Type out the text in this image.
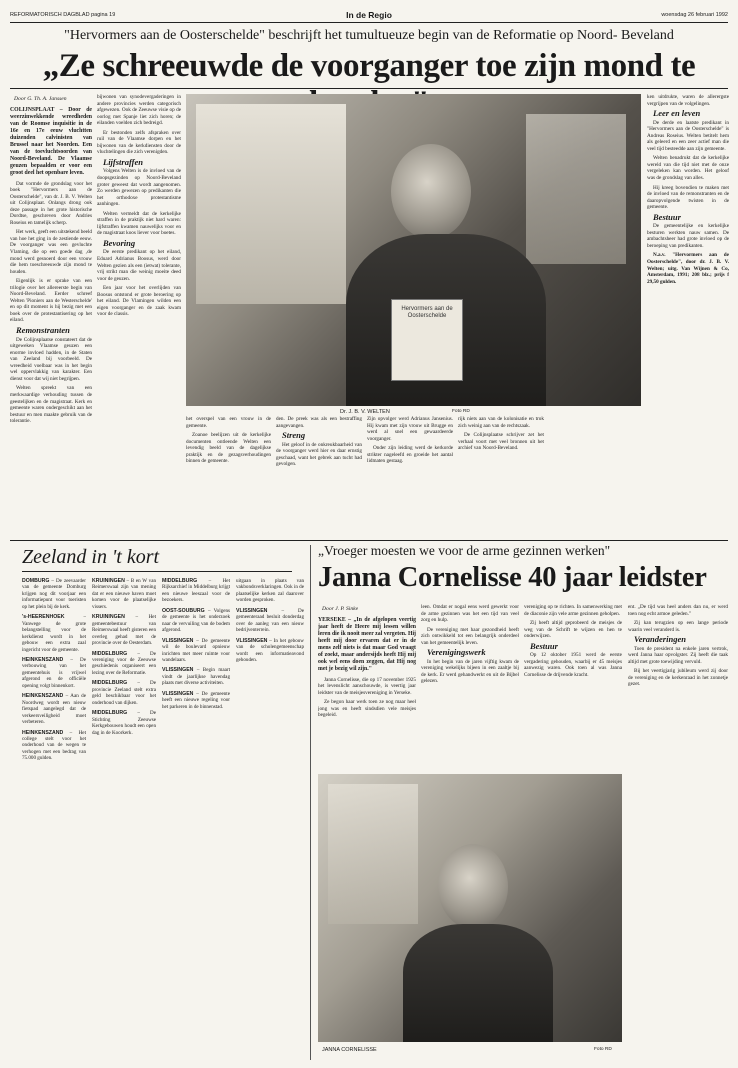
REFORMATORISCH DAGBLAD pagina 19	In de Regio	woensdag 26 februari 1992
"Hervormers aan de Oosterschelde" beschrijft het tumultueuze begin van de Reformatie op Noord- Beveland
„Ze schreeuwde de voorganger toe zijn mond te
Door G. Th. A. Janssen
COLIJNSPLAAT – Door de weerzinwekkende wreedheden van de Roomse inquisitie in de 16e en 17e eeuw vluchtten duizenden calvinisten van Brussel naar het Noorden. Een van de toevluchtsoorden van Noord-Beveland. De Vlaamse geuzen bepaalden er voor een groot deel het openbare leven.

Dat vormde de grondslag voor het boek "Hervormers aan de Oosterschelde", van dr. J. B. V. Welten uit Colijnsplaat. Onlangs drong ook deze passage in het grote historische Dordtse, geschreven door Andries Roseius en tamelijk scherp.

Het werk, geeft een uitstekend beeld van hoe het ging in de zestiende eeuw. De voorganger was een gevluchte Vlaming, die op een goede dag ‚de mond werd gesnoerd door een vrouw die hem toeschreeuwde zijn mond te houden.

Eigenlijk is er sprake van een trilogie over het allereerste begin van Noord-Beveland. Eerder schreef Welten 'Pioniers aan de Westerschelde' en op dit moment is hij bezig met een boek over de protestantisering op het eiland.

Remonstranten

De Colijnsplaatse constateert dat de uitgeweken Vlaamse geuzen een enorme invloed hadden, in de Staten van Zeeland bij voorbeeld. De wreedheid voelbaar was in het begin wel oppervlakkig van karakter. Een dienst voor dat wij niet begrijpen.

Welten spreekt van een merkwaardige verhouding tussen de geestelijken en de magistraat. Kerk en gemeente waren ondergeschikt aan het bestuur en men maakte gebruik van de tolerantie.

bijwonen van synodevergaderingen in andere provincies werden categorisch afgewezen. Ook de Zeeuwse visie op de oorlog met Spanje liet zich horen; de eilanden voelden zich bedreigd.

Er bestonden zelfs afspraken over ruil van de Vlaamse dorpen en het bijwonen van de kerkdiensten door de vluchtelingen die zich verenigden.

Lijfstraffen

Volgens Welten is de invloed van de doopsgezinden op Noord-Beveland groter geweest dat wordt aangenomen. Zo werden gewezen op predikanten die het orthodoxe protestantisme aanhingen.

Welten vermeldt dat de kerkelijke straffen in de praktijk niet hard waren: lijfstraffen kwamen nauwelijks voor en de magistraat koos liever voor boetes.

Bevoring

De eerste predikant op het eiland, Eduard Adrianus Boosus, werd door Welten gezien als een (ietwat) tolerante, vrij strikt man die weinig moeite deed voor de geuzen.

Een jaar voor het overlijden van Boosus ontstond er grote beroering op het eiland. De Vlamingen wilden een eigen voorganger en de zaak kwam voor de classis.

Hervormers aan de Oosterschelde
Dr. J. B. V. WELTEN	Foto RD

het overspel van een vrouw in de gemeente.

Zoanoe beelijzen uit de kerkelijke documenten ontleende Welten een levendig beeld van de dagelijkse praktijk en de gezagsverhoudingen binnen de gemeente.

den. De preek was als een bestraffing aangevangen.

Streng

Het geloof in de onkreukbaarheid van de voorganger werd hier en daar ernstig geschaad, want het gebrek aan tucht had gevolgen.

Zijn opvolger werd Adrianus Jansenius. Hij kwam met zijn vrouw uit Brugge en werd al snel een gewaardeerde voorganger.

Onder zijn leiding werd de kerkorde strikter nageleefd en groeide het aantal lidmaten gestaag.

rijk niets aan van de kolonisatie en trok zich weinig aan van de rechtszaak.

De Colijnsplaatse schrijver zet het verhaal voort met veel bronnen uit het archief van Noord-Beveland.

ken uitdrukte, waren de allerergste vergrijpen van de volgelingen.

Leer en leven

De derde en laatste predikant in "Hervormers aan de Oosterschelde" is Andreas Roseius. Welten betitelt hem als geleerd en een zeer actief man die veel tijd besteedde aan zijn gemeente.

Welten benadrukt dat de kerkelijke wereld van die tijd niet met de onze vergeleken kan worden. Het geloof was de grondslag van alles.

Hij kreeg bovendien te maken met de invloed van de remonstranten en de daaropvolgende twisten in de gemeente.

Bestuur

De gemeentelijke en kerkelijke besturen werkten nauw samen. De ambachtsheer had grote invloed op de beroeping van predikanten.

N.a.v. "Hervormers aan de Oosterschelde", door dr. J. B. V. Welten; uitg. Van Wijnen & Co, Amsterdam, 1991; 208 blz.; prijs f 29,50 gulden.

Zeeland in 't kort

DOMBURG – De zeevaarder van de gemeente Domburg krijgen nog dit voorjaar een informatiepunt voor toeristen op het plein bij de kerk.

's-HEERENHOEK	– Vanwege de grote belangstelling voor de kerkdienst wordt in het gebouw een extra zaal ingericht voor de gemeente.

HEINKENSZAND – De verbouwing van het gemeentehuis is vrijwel afgerond en de officiële opening volgt binnenkort.

HEINKENSZAND – Aan de Noordweg wordt een nieuw fietspad aangelegd dat de verkeersveiligheid moet verbeteren.

HEINKENSZAND – Het college stelt voor het onderhoud van de wegen te verhogen met een bedrag van 75.000 gulden.

KRUININGEN – B en W van Reimerswaal zijn van mening dat er een nieuwe haven moet komen voor de plaatselijke vissers.

KRUININGEN – Het gemeentebestuur van Reimerswaal heeft gisteren een overleg gehad met de provincie over de Oesterdam.

MIDDELBURG – De vereniging voor de Zeeuwse geschiedenis organiseert een lezing over de Reformatie.

MIDDELBURG – De provincie Zeeland stelt extra geld beschikbaar voor het onderhoud van dijken.

MIDDELBURG – De Stichting Zeeuwse Kerkgebouwen houdt een open dag in de Koorkerk.

MIDDELBURG – Het Rijksarchief in Middelburg krijgt een nieuwe leeszaal voor de bezoekers.

OOST-SOUBURG – Volgens de gemeente is het onderzoek naar de vervuiling van de bodem afgerond.

VLISSINGEN – De gemeente wil de boulevard opnieuw inrichten met meer ruimte voor wandelaars.

VLISSINGEN – Begin maart vindt de jaarlijkse havendag plaats met diverse activiteiten.

VLISSINGEN – De gemeente heeft een nieuwe regeling voor het parkeren in de binnenstad.

uitgaan in plaats van vakbondsverklaringen. Ook in de plaatselijke kerken zal daarover worden gesproken.

VLISSINGEN	– De gemeenteraad besluit donderdag over de aanleg van een nieuw bedrijventerrein.

VLISSINGEN – In het gebouw van de scholengemeenschap wordt een informatieavond gehouden.

„Vroeger moesten we voor de arme gezinnen werken"
Janna Cornelisse 40 jaar leidster
Door J. P. Sinke
YERSEKE – „In de afgelopen veertig jaar heeft de Heere mij lessen willen leren die ik nooit meer zal vergeten. Hij heeft mij door ervaren dat er in de mens zelf niets is dat maar God vraagt of zoekt, maar andersijds heeft Hij mij ook wel eens doen zeggen, dat Hij nog met je bezig wil zijn."

Janna Cornelisse, die op 17 november 1925 het levenslicht aanschouwde, is veertig jaar leidster van de meisjesvereniging in Yerseke.

Ze begon haar werk toen ze nog maar heel jong was en heeft sindsdien vele meisjes begeleid.

leen. Omdat er nogal eens werd gewerkt voor de arme gezinnen was het een tijd van veel zorg en hulp.

De vereniging met haar gezondheid heeft zich ontwikkeld tot een belangrijk onderdeel van het gemeentelijk leven.

Verenigingswerk

In het begin van de jaren vijftig kwam de vereniging wekelijks bijeen in een zaaltje bij de kerk. Er werd gehandwerkt en uit de Bijbel gelezen.

vereniging op te richten. In samenwerking met de diaconie zijn vele arme gezinnen geholpen.

Zij heeft altijd geprobeerd de meisjes de weg van de Schrift te wijzen en hen te onderwijzen.

Bestuur

Op 12 oktober 1951 werd de eerste vergadering gehouden, waarbij er 45 meisjes aanwezig waren. Ook toen al was Janna Cornelisse de drijvende kracht.

ent. „De tijd was heel anders dan nu, er werd toen nog echt armoe geleden."

Zij kan terugzien op een lange periode waarin veel veranderd is.

Veranderingen

Toen de president na enkele jaren vertrok, werd Janna haar opvolgster. Zij heeft die taak altijd met grote toewijding vervuld.

Bij het veertigjarig jubileum werd zij door de vereniging en de kerkenraad in het zonnetje gezet.

JANNA CORNELISSE	Foto RD
